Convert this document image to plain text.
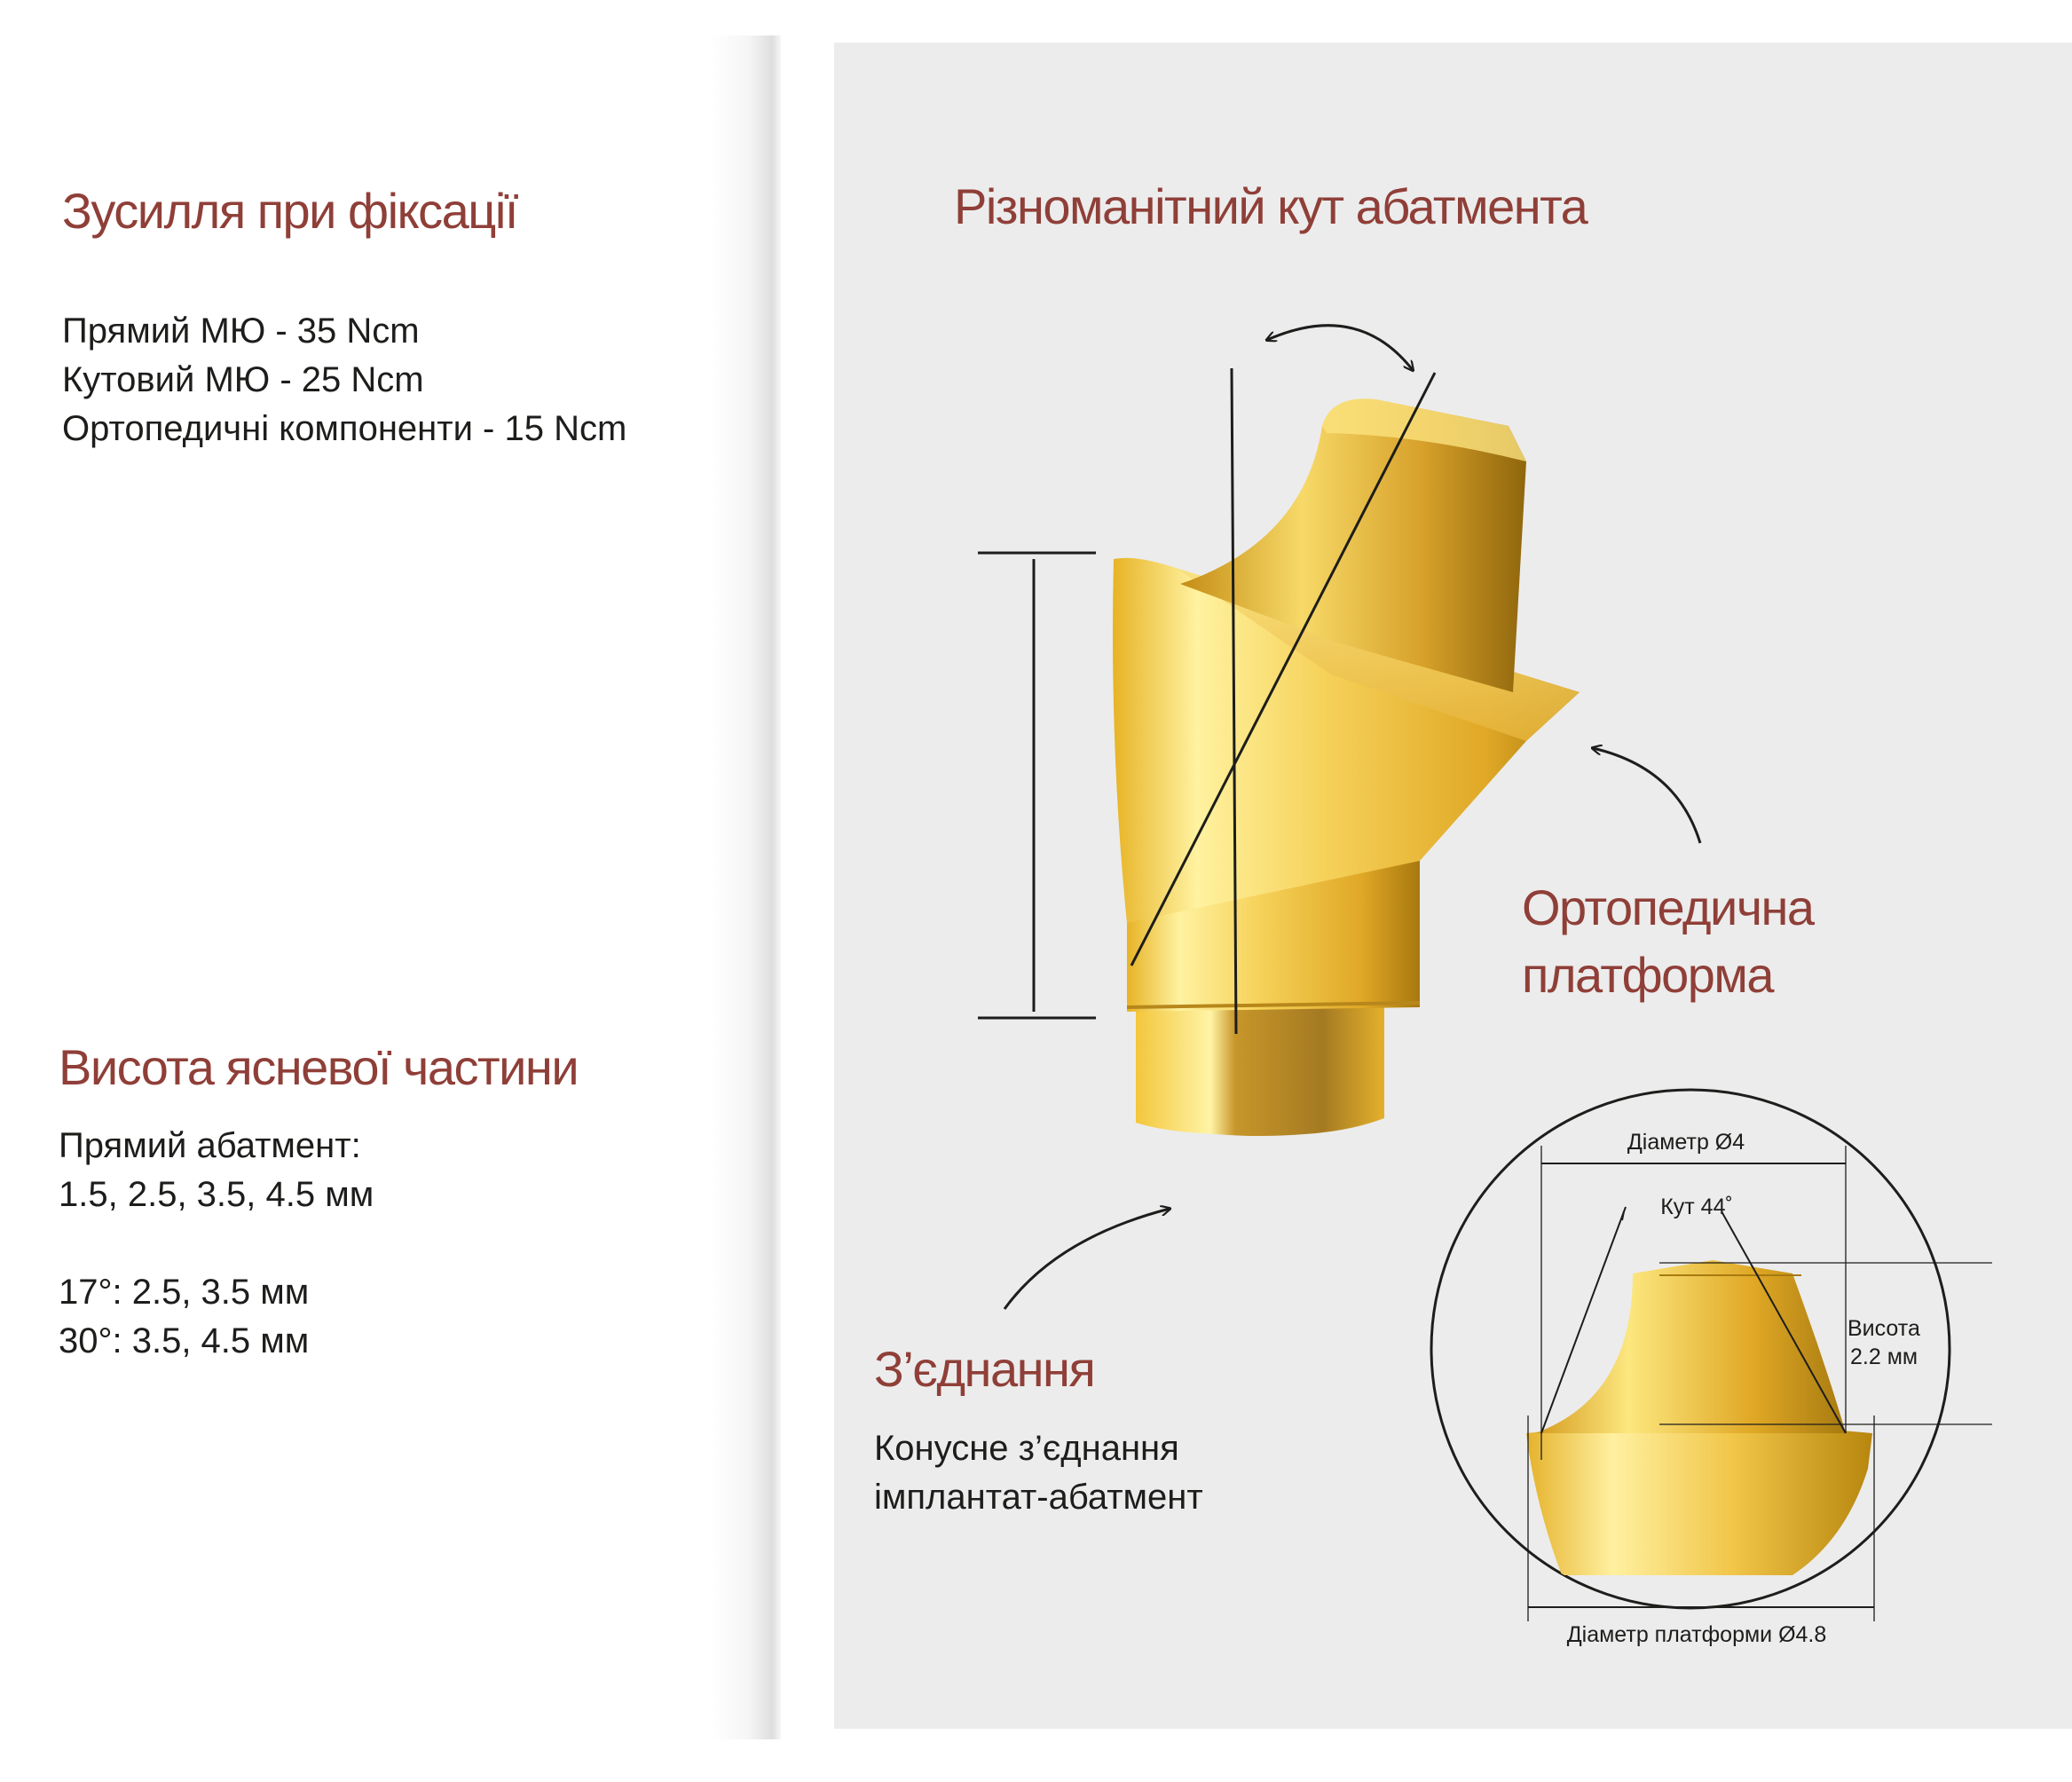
Зусилля при фіксації
Прямий МЮ - 35 Ncm
Кутовий МЮ - 25 Ncm
Ортопедичні компоненти - 15 Ncm
Висота ясневої частини
Прямий абатмент:
1.5, 2.5, 3.5, 4.5 мм
17°: 2.5, 3.5 мм
30°: 3.5, 4.5 мм
Різноманітний кут абатмента
Ортопедична
платформа
З’єднання
Конусне з’єднання
імплантат-абатмент
Діаметр Ø4
Кут 44˚
Висота
2.2 мм
Діаметр платформи Ø4.8
